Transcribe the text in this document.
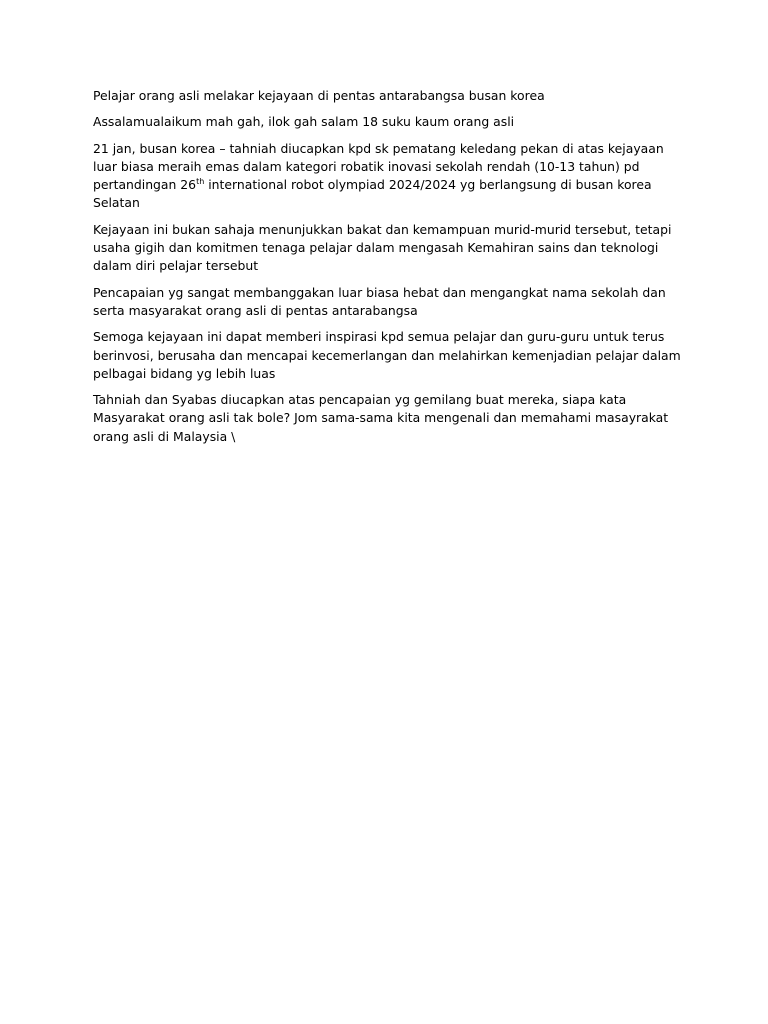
Pelajar orang asli melakar kejayaan di pentas antarabangsa busan korea

Assalamualaikum mah gah, ilok gah salam 18 suku kaum orang asli

21 jan, busan korea – tahniah diucapkan kpd sk pematang keledang pekan di atas kejayaan luar biasa meraih emas dalam kategori robatik inovasi sekolah rendah (10-13 tahun) pd pertandingan 26th international robot olympiad 2024/2024 yg berlangsung di busan korea Selatan

Kejayaan ini bukan sahaja menunjukkan bakat dan kemampuan murid-murid tersebut, tetapi usaha gigih dan komitmen tenaga pelajar dalam mengasah Kemahiran sains dan teknologi dalam diri pelajar tersebut

Pencapaian yg sangat membanggakan luar biasa hebat dan mengangkat nama sekolah dan serta masyarakat orang asli di pentas antarabangsa

Semoga kejayaan ini dapat memberi inspirasi kpd semua pelajar dan guru-guru untuk terus berinvosi, berusaha dan mencapai kecemerlangan dan melahirkan kemenjadian pelajar dalam pelbagai bidang yg lebih luas

Tahniah dan Syabas diucapkan atas pencapaian yg gemilang buat mereka, siapa kata Masyarakat orang asli tak bole? Jom sama-sama kita mengenali dan memahami masayrakat orang asli di Malaysia \
